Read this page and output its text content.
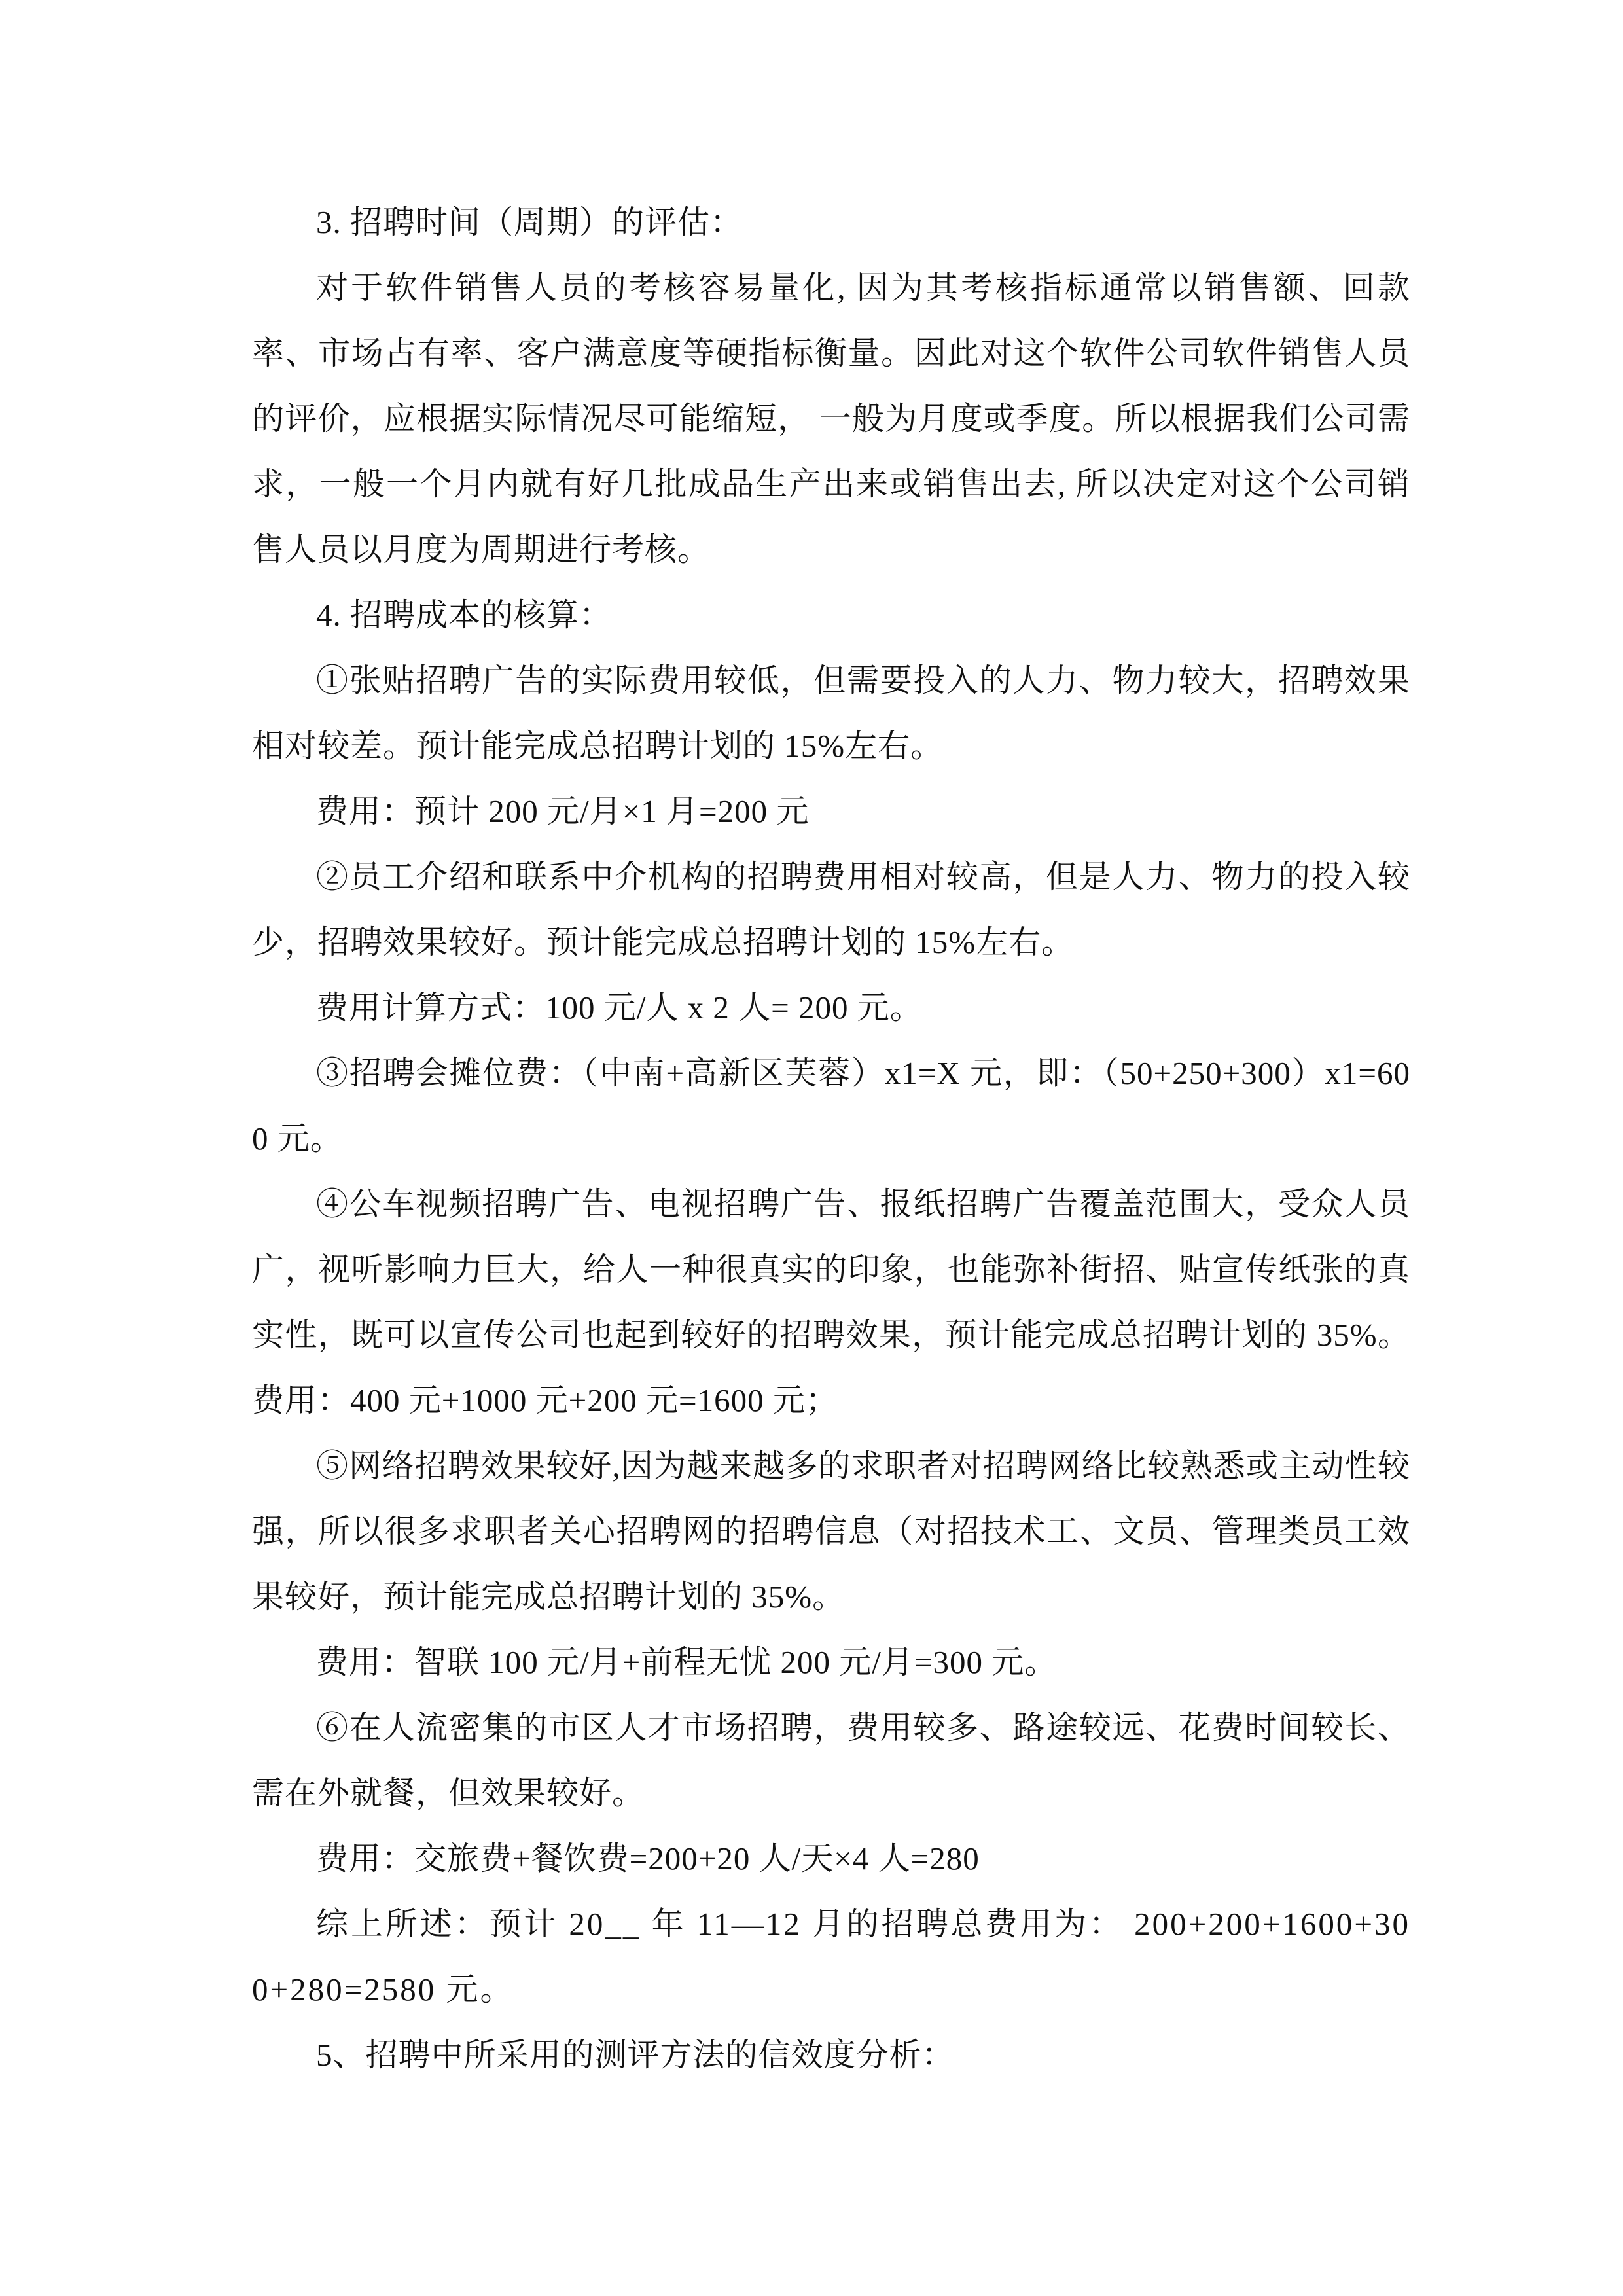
3. 招聘时间（周期）的评估：

对于软件销售人员的考核容易量化, 因为其考核指标通常以销售额、回款率、市场占有率、客户满意度等硬指标衡量。因此对这个软件公司软件销售人员的评价，应根据实际情况尽可能缩短， 一般为月度或季度。所以根据我们公司需求，一般一个月内就有好几批成品生产出来或销售出去, 所以决定对这个公司销售人员以月度为周期进行考核。

4. 招聘成本的核算：

①张贴招聘广告的实际费用较低，但需要投入的人力、物力较大，招聘效果相对较差。预计能完成总招聘计划的 15%左右。

费用：预计 200 元/月×1 月=200 元

②员工介绍和联系中介机构的招聘费用相对较高，但是人力、物力的投入较少，招聘效果较好。预计能完成总招聘计划的 15%左右。

费用计算方式：100 元/人 x 2 人= 200 元。

③招聘会摊位费：（中南+高新区芙蓉）x1=X 元，即：（50+250+300）x1=600 元。

④公车视频招聘广告、电视招聘广告、报纸招聘广告覆盖范围大，受众人员广，视听影响力巨大，给人一种很真实的印象，也能弥补街招、贴宣传纸张的真实性，既可以宣传公司也起到较好的招聘效果，预计能完成总招聘计划的 35%。费用：400 元+1000 元+200 元=1600 元；

⑤网络招聘效果较好,因为越来越多的求职者对招聘网络比较熟悉或主动性较强，所以很多求职者关心招聘网的招聘信息（对招技术工、文员、管理类员工效果较好，预计能完成总招聘计划的 35%。

费用：智联 100 元/月+前程无忧 200 元/月=300 元。

⑥在人流密集的市区人才市场招聘，费用较多、路途较远、花费时间较长、需在外就餐，但效果较好。

费用：交旅费+餐饮费=200+20 人/天×4 人=280

综上所述：预计 20__ 年 11—12 月的招聘总费用为： 200+200+1600+300+280=2580 元。

5、招聘中所采用的测评方法的信效度分析：
